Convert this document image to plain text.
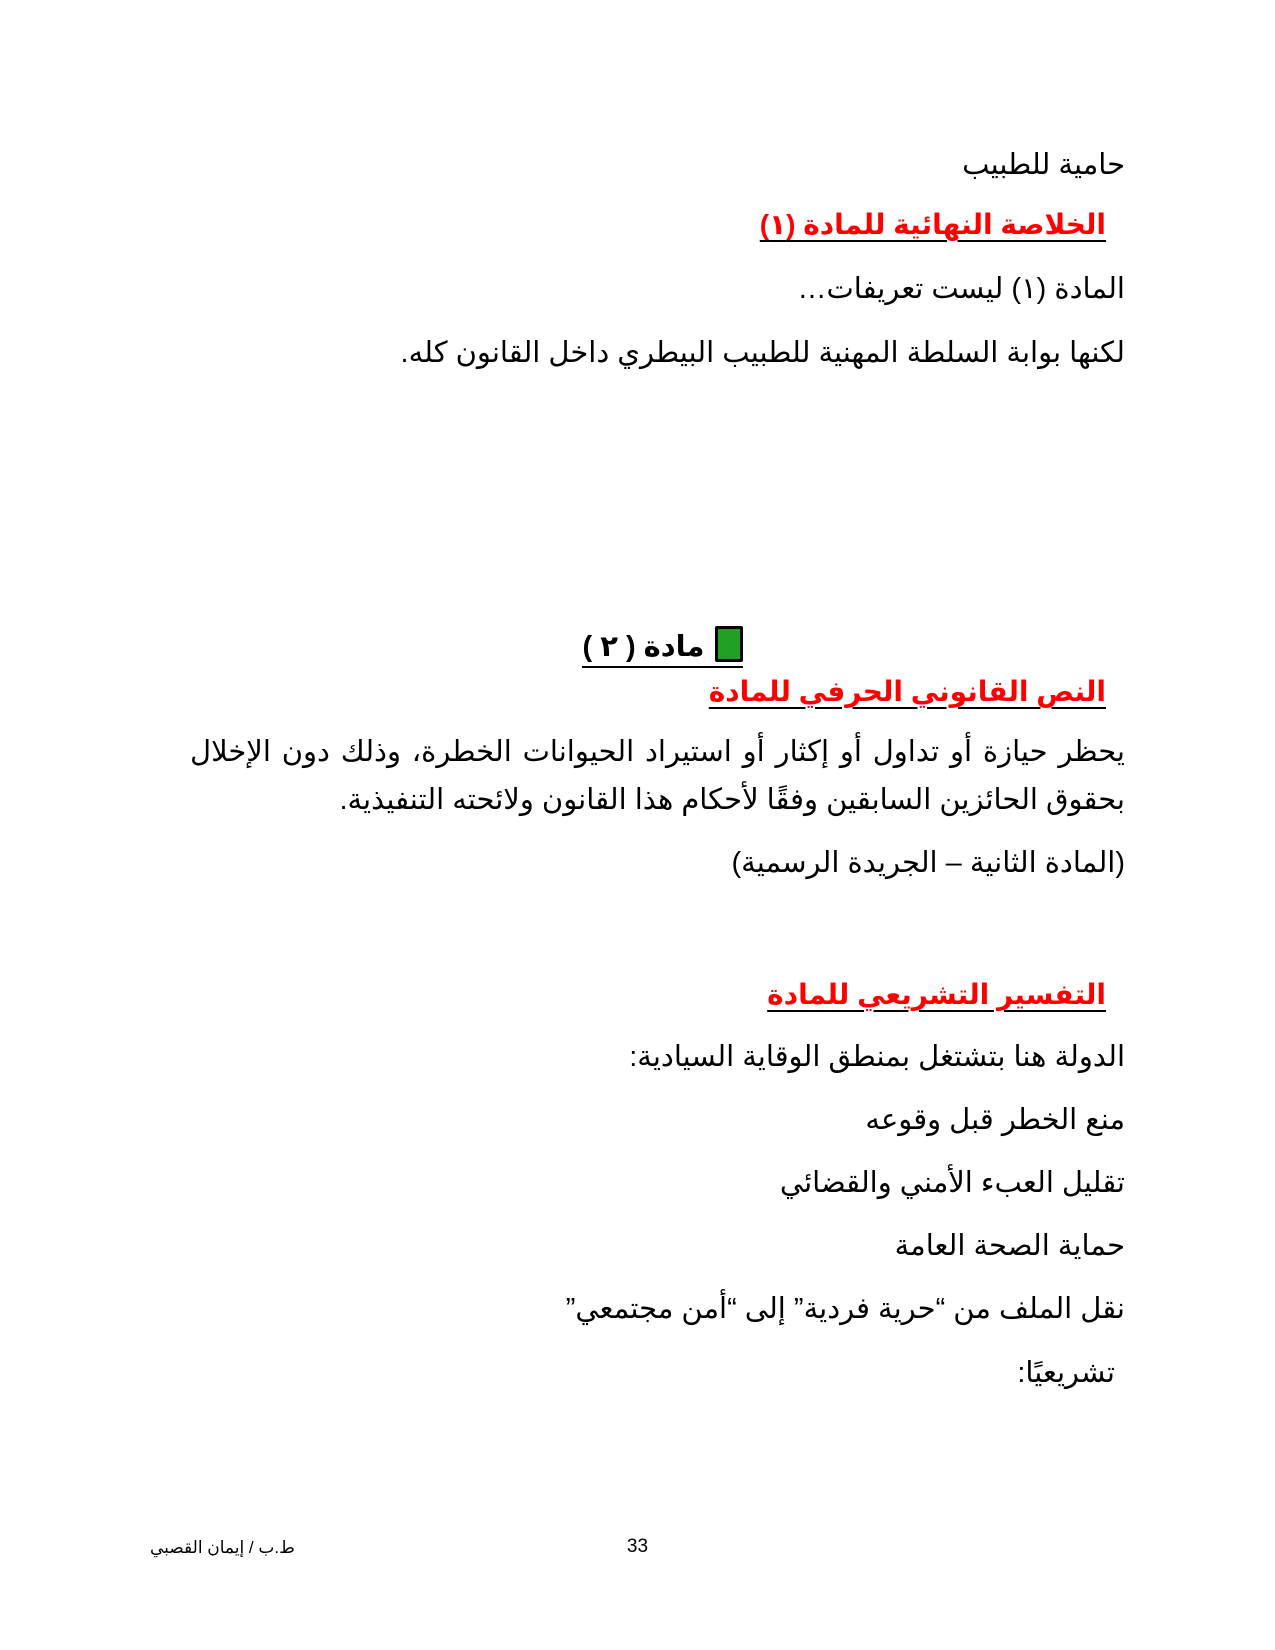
حامية للطبيب
الخلاصة النهائية للمادة (١)
المادة (١) ليست تعريفات…
لكنها بوابة السلطة المهنية للطبيب البيطري داخل القانون كله.
مادة ( ٢ )
النص القانوني الحرفي للمادة
يحظر حيازة أو تداول أو إكثار أو استيراد الحيوانات الخطرة، وذلك دون الإخلال بحقوق الحائزين السابقين وفقًا لأحكام هذا القانون ولائحته التنفيذية.
(المادة الثانية – الجريدة الرسمية)
التفسير التشريعي للمادة
الدولة هنا بتشتغل بمنطق الوقاية السيادية:
منع الخطر قبل وقوعه
تقليل العبء الأمني والقضائي
حماية الصحة العامة
نقل الملف من “حرية فردية” إلى “أمن مجتمعي”
تشريعيًا:
ط.ب / إيمان القصبي	33
